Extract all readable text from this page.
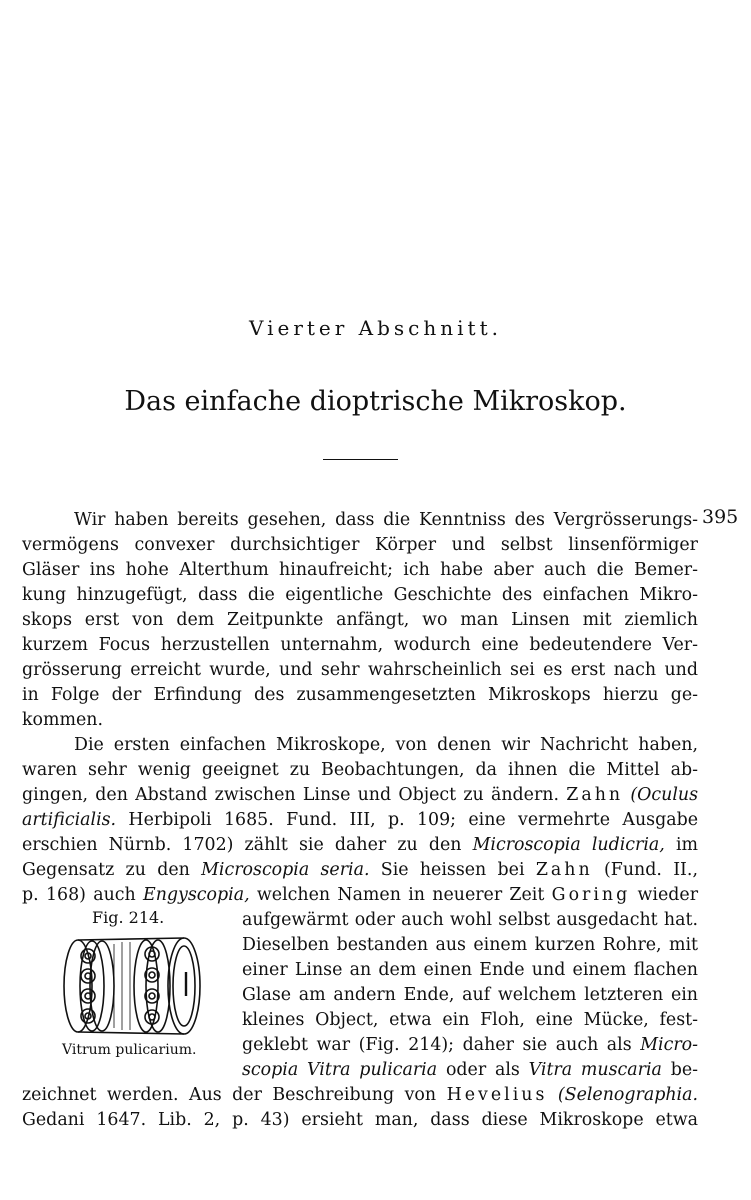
Vierter Abschnitt.
Das einfache dioptrische Mikroskop.
395
Wir haben bereits gesehen, dass die Kenntniss des Vergrösserungs-
vermögens convexer durchsichtiger Körper und selbst linsenförmiger
Gläser ins hohe Alterthum hinaufreicht; ich habe aber auch die Bemer-
kung hinzugefügt, dass die eigentliche Geschichte des einfachen Mikro-
skops erst von dem Zeitpunkte anfängt, wo man Linsen mit ziemlich
kurzem Focus herzustellen unternahm, wodurch eine bedeutendere Ver-
grösserung erreicht wurde, und sehr wahrscheinlich sei es erst nach und
in Folge der Erfindung des zusammengesetzten Mikroskops hierzu ge-
kommen.
Die ersten einfachen Mikroskope, von denen wir Nachricht haben,
waren sehr wenig geeignet zu Beobachtungen, da ihnen die Mittel ab-
gingen, den Abstand zwischen Linse und Object zu ändern. Zahn (Oculus
artificialis. Herbipoli 1685. Fund. III, p. 109; eine vermehrte Ausgabe
erschien Nürnb. 1702) zählt sie daher zu den Microscopia ludicria, im
Gegensatz zu den Microscopia seria. Sie heissen bei Zahn (Fund. II.,
p. 168) auch Engyscopia, welchen Namen in neuerer Zeit Goring wieder
aufgewärmt oder auch wohl selbst ausgedacht hat.
Dieselben bestanden aus einem kurzen Rohre, mit
einer Linse an dem einen Ende und einem flachen
Glase am andern Ende, auf welchem letzteren ein
kleines Object, etwa ein Floh, eine Mücke, fest-
geklebt war (Fig. 214); daher sie auch als Micro-
scopia Vitra pulicaria oder als Vitra muscaria be-
zeichnet werden. Aus der Beschreibung von Hevelius (Selenographia.
Gedani 1647. Lib. 2, p. 43) ersieht man, dass diese Mikroskope etwa
Fig. 214.
Vitrum pulicarium.
